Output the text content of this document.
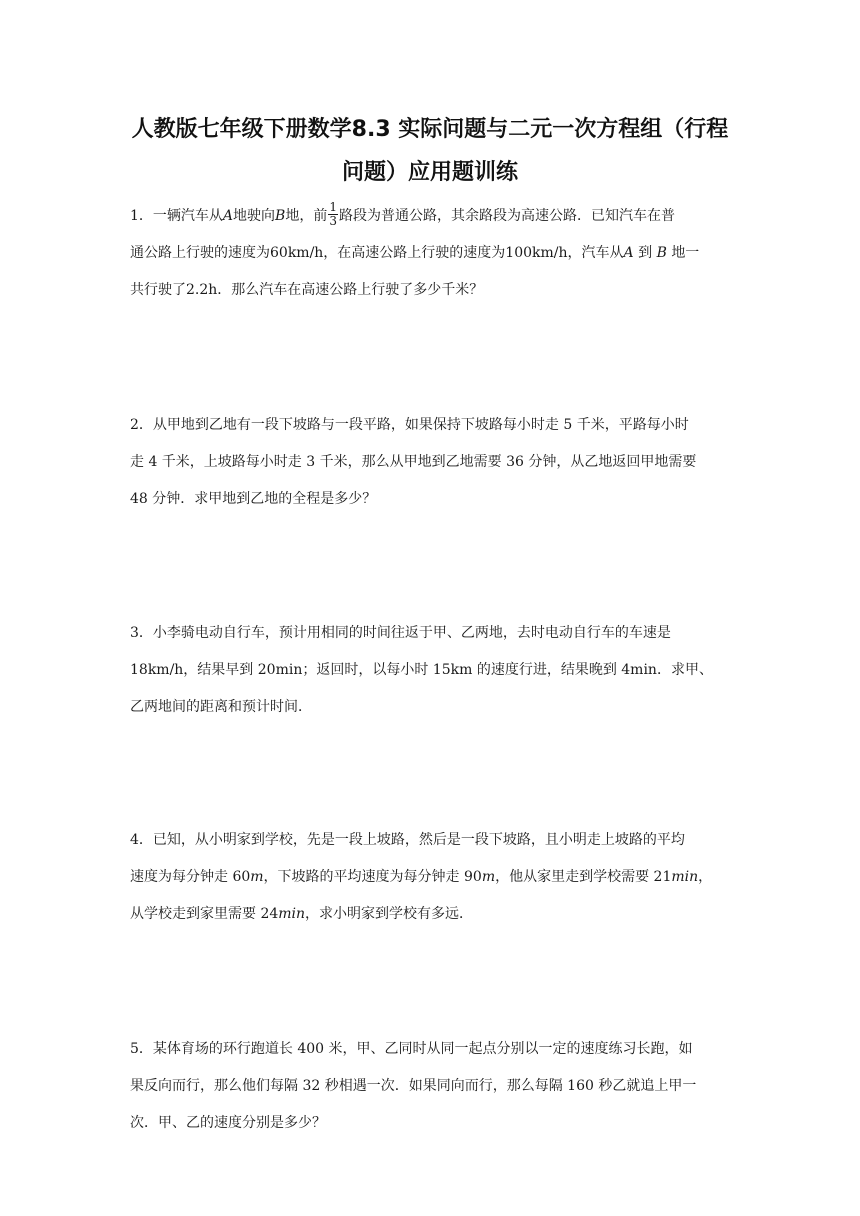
人教版七年级下册数学8.3 实际问题与二元一次方程组（行程
问题）应用题训练
1．一辆汽车从A地驶向B地，前 $\frac{1}{3}$ 路段为普通公路，其余路段为高速公路．已知汽车在普
通公路上行驶的速度为60km/h，在高速公路上行驶的速度为100km/h，汽车从A 到 B 地一
共行驶了2.2h．那么汽车在高速公路上行驶了多少千米？
2．从甲地到乙地有一段下坡路与一段平路，如果保持下坡路每小时走 5 千米，平路每小时
走 4 千米，上坡路每小时走 3 千米，那么从甲地到乙地需要 36 分钟，从乙地返回甲地需要
48 分钟．求甲地到乙地的全程是多少？
3．小李骑电动自行车，预计用相同的时间往返于甲、乙两地，去时电动自行车的车速是
18km/h，结果早到 20min；返回时，以每小时 15km 的速度行进，结果晚到 4min．求甲、
乙两地间的距离和预计时间．
4．已知，从小明家到学校，先是一段上坡路，然后是一段下坡路，且小明走上坡路的平均
速度为每分钟走 60m，下坡路的平均速度为每分钟走 90m，他从家里走到学校需要 21min，
从学校走到家里需要 24min，求小明家到学校有多远．
5．某体育场的环行跑道长 400 米，甲、乙同时从同一起点分别以一定的速度练习长跑，如
果反向而行，那么他们每隔 32 秒相遇一次．如果同向而行，那么每隔 160 秒乙就追上甲一
次．甲、乙的速度分别是多少？
